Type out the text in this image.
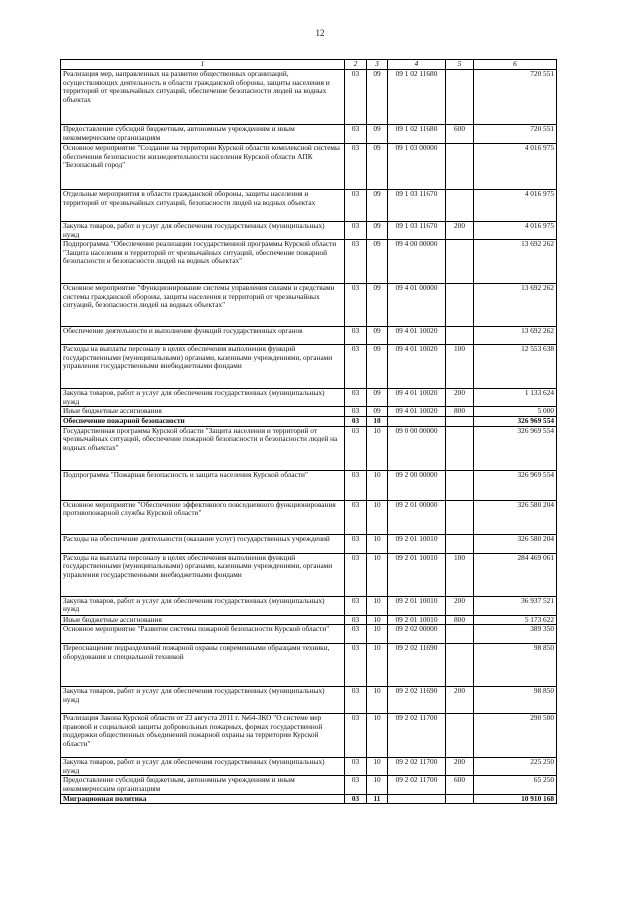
12
1	2	3	4	5	6
Реализация мер, направленных на развитие общественных организаций, осуществляющих деятельность в области гражданской обороны, защиты населения и территорий от чрезвычайных ситуаций, обеспечение безопасности людей на водных объектах	03	09	09 1 02 11680		720 551
Предоставление субсидий бюджетным, автономным учреждениям и иным некоммерческим организациям	03	09	09 1 02 11680	600	720 551
Основное мероприятие "Создание на территории Курской области комплексной системы обеспечения безопасности жизнедеятельности населения Курской области АПК "Безопасный город"	03	09	09 1 03 00000		4 016 975
Отдельные мероприятия в области гражданской обороны, защиты населения и территорий от чрезвычайных ситуаций, безопасности людей на водных объектах	03	09	09 1 03 11670		4 016 975
Закупка товаров, работ и услуг для обеспечения государственных (муниципальных) нужд	03	09	09 1 03 11670	200	4 016 975
Подпрограмма "Обеспечение реализации государственной программы Курской области "Защита населения и территорий от чрезвычайных ситуаций, обеспечение пожарной безопасности и безопасности людей на водных объектах"	03	09	09 4 00 00000		13 692 262
Основное мероприятие "Функционирование системы управления силами и средствами системы гражданской обороны, защиты населения и территорий от чрезвычайных ситуаций, безопасности людей на водных объектах"	03	09	09 4 01 00000		13 692 262
Обеспечение деятельности и выполнение функций государственных органов	03	09	09 4 01 10020		13 692 262
Расходы на выплаты персоналу в целях обеспечения выполнения функций государственными (муниципальными) органами, казенными учреждениями, органами управления государственными внебюджетными фондами	03	09	09 4 01 10020	100	12 553 638
Закупка товаров, работ и услуг для обеспечения государственных (муниципальных) нужд	03	09	09 4 01 10020	200	1 133 624
Иные бюджетные ассигнования	03	09	09 4 01 10020	800	5 000
Обеспечение пожарной безопасности	03	10			326 969 554
Государственная программа Курской области "Защита населения и территорий от чрезвычайных ситуаций, обеспечение пожарной безопасности и безопасности людей на водных объектах"	03	10	09 0 00 00000		326 969 554
Подпрограмма "Пожарная безопасность и защита населения Курской области"	03	10	09 2 00 00000		326 969 554
Основное мероприятие "Обеспечение эффективного повседневного функционирования противопожарной службы Курской области"	03	10	09 2 01 00000		326 580 204
Расходы на обеспечение деятельности (оказание услуг) государственных учреждений	03	10	09 2 01 10010		326 580 204
Расходы на выплаты персоналу в целях обеспечения выполнения функций государственными (муниципальными) органами, казенными учреждениями, органами управления государственными внебюджетными фондами	03	10	09 2 01 10010	100	284 469 061
Закупка товаров, работ и услуг для обеспечения государственных (муниципальных) нужд	03	10	09 2 01 10010	200	36 937 521
Иные бюджетные ассигнования	03	10	09 2 01 10010	800	5 173 622
Основное мероприятие "Развитие системы пожарной безопасности Курской области"	03	10	09 2 02 00000		389 350
Переоснащение подразделений пожарной охраны современными образцами техники, оборудования и специальной техникой	03	10	09 2 02 11690		98 850
Закупка товаров, работ и услуг для обеспечения государственных (муниципальных) нужд	03	10	09 2 02 11690	200	98 850
Реализация Закона Курской области от 23 августа 2011 г. №64-ЗКО "О системе мер правовой и социальной защиты добровольных пожарных, формах государственной поддержки общественных объединений пожарной охраны на территории Курской области"	03	10	09 2 02 11700		290 500
Закупка товаров, работ и услуг для обеспечения государственных (муниципальных) нужд	03	10	09 2 02 11700	200	225 250
Предоставление субсидий бюджетным, автономным учреждениям и иным некоммерческим организациям	03	10	09 2 02 11700	600	65 250
Миграционная политика	03	11			10 910 168
